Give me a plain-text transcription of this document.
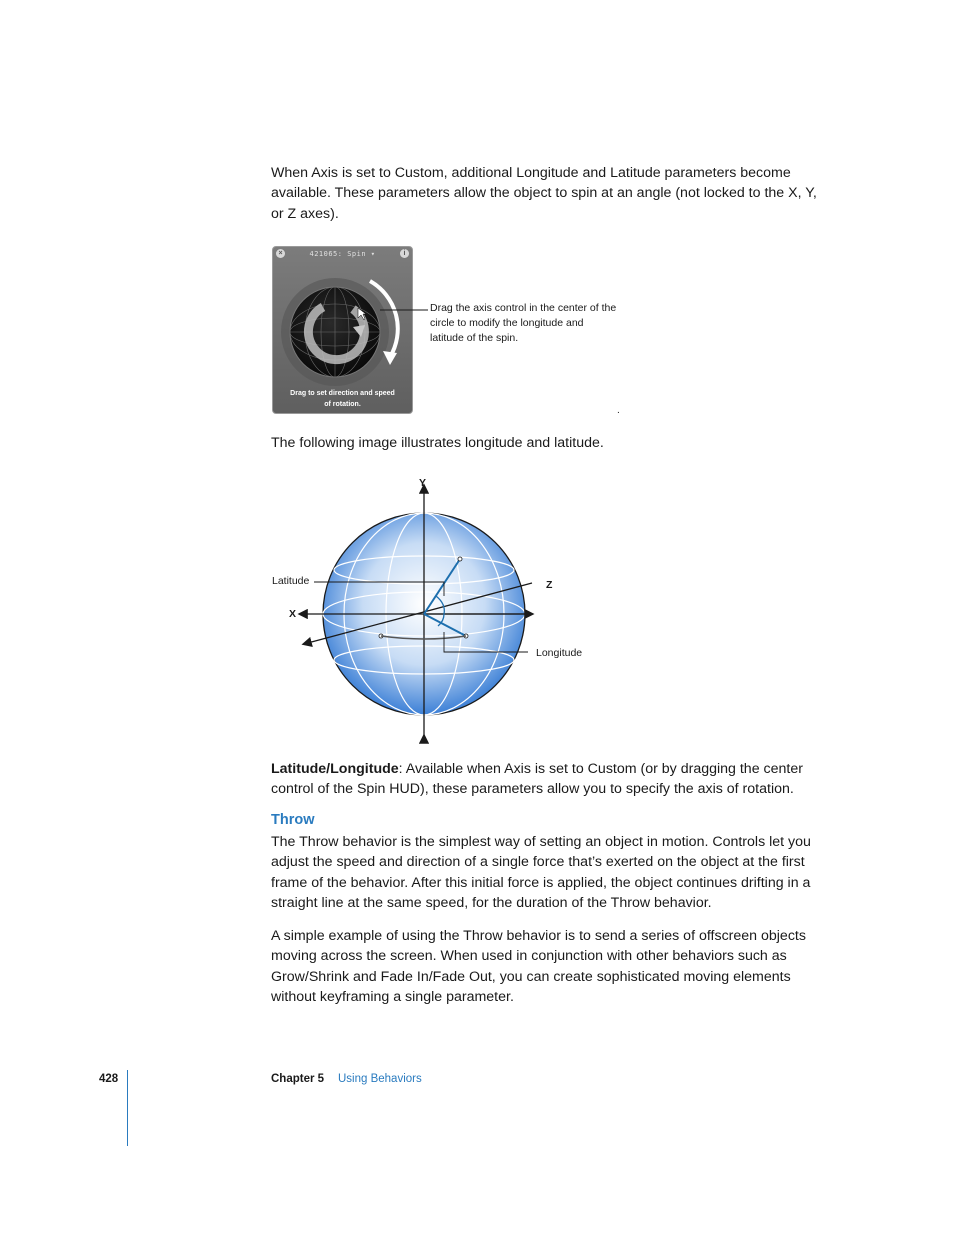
When Axis is set to Custom, additional Longitude and Latitude parameters become available. These parameters allow the object to spin at an angle (not locked to the X, Y, or Z axes).

×	421065: Spin ▾	i
Drag to set direction and speed
of rotation.

Drag the axis control in the center of the circle to modify the longitude and latitude of the spin.

.

The following image illustrates longitude and latitude.

Y
X
Z
Latitude
Longitude

Latitude/Longitude: Available when Axis is set to Custom (or by dragging the center control of the Spin HUD), these parameters allow you to specify the axis of rotation.

Throw

The Throw behavior is the simplest way of setting an object in motion. Controls let you adjust the speed and direction of a single force that’s exerted on the object at the first frame of the behavior. After this initial force is applied, the object continues drifting in a straight line at the same speed, for the duration of the Throw behavior.

A simple example of using the Throw behavior is to send a series of offscreen objects moving across the screen. When used in conjunction with other behaviors such as Grow/Shrink and Fade In/Fade Out, you can create sophisticated moving elements without keyframing a single parameter.

428	Chapter 5 Using Behaviors
